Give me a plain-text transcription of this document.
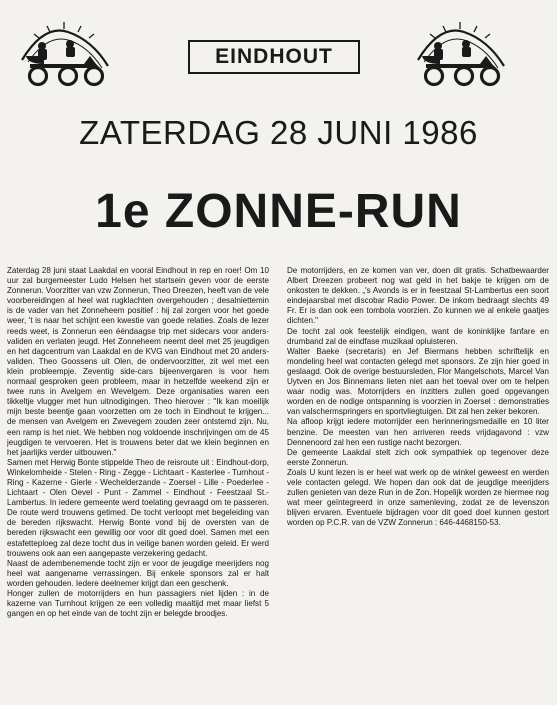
EINDHOUT
ZATERDAG 28 JUNI 1986
1e ZONNE-RUN

Zaterdag 28 juni staat Laakdal en vooral Eindhout in rep en roer! Om 10 uur zal burgemeester Ludo Helsen het startsein geven voor de eerste Zonnerun. Voorzitter van vzw Zonnerun, Theo Dreezen, heeft van de vele voorbereidingen al heel wat rugklachten overgehouden ; desalniettemin is de vader van het Zonneheem positief : hij zal zorgen voor het goede weer, 't is naar het schijnt een kwestie van goede relaties. Zoals de lezer reeds weet, is Zonnerun een ééndaagse trip met sidecars voor anders-validen en verlaten jeugd. Het Zonneheem neemt deel met 25 jeugdigen en het dagcentrum van Laakdal en de KVG van Eindhout met 20 anders-validen. Theo Goossens uit Olen, de ondervoorzitter, zit wel met een klein probleempje. Zeventig side-cars bijeenvergaren is voor hem normaal gesproken geen probleem, maar in hetzelfde weekend zijn er twee runs in Avelgem en Wevelgem. Deze organisaties waren een tikkeltje vlugger met hun uitnodigingen. Theo hierover : "Ik kan moeilijk mijn beste beentje gaan voorzetten om ze toch in Eindhout te krijgen... de mensen van Avelgem en Zwevegem zouden zeer ontstemd zijn. Nu, een ramp is het niet. We hebben nog voldoende inschrijvingen om de 45 jeugdigen te vervoeren. Het is trouwens beter dat we klein beginnen en het jaarlijks verder uitbouwen."

Samen met Herwig Bonte stippelde Theo de reisroute uit : Eindhout-dorp, Winkelomheide - Stelen - Ring - Zegge - Lichtaart - Kasterlee - Turnhout - Ring - Kazerne - Gierle - Wechelderzande - Zoersel - Lille - Poederlee - Lichtaart - Olen Oevel - Punt - Zammel - Eindhout - Feestzaal St.-Lambertus. In iedere gemeente werd toelating gevraagd om te passeren. De route werd trouwens getimed. De tocht verloopt met begeleiding van de bereden rijkswacht. Herwig Bonte vond bij de oversten van de bereden rijkswacht een gewillig oor voor dit goed doel. Samen met een estafetteploeg zal deze tocht dus in veilige banen worden geleid. Er werd trouwens ook aan een aangepaste verzekering gedacht.

Naast de adembenemende tocht zijn er voor de jeugdige meerijders nog heel wat aangename verrassingen. Bij enkele sponsors zal er halt worden gehouden. Iedere deelnemer krijgt dan een geschenk.

Honger zullen de motorrijders en hun passagiers niet lijden : in de kazerne van Turnhout krijgen ze een volledig maaltijd met maar liefst 5 gangen en op het einde van de tocht zijn er belegde broodjes.

De motorrijders, en ze komen van ver, doen dit gratis. Schatbewaarder Albert Dreezen probeert nog wat geld in het bakje te krijgen om de onkosten te dekken. „'s Avonds is er in feestzaal St-Lambertus een soort eindejaarsbal met discobar Radio Power. De inkom bedraagt slechts 49 Fr. Er is dan ook een tombola voorzien. Zo kunnen we al enkele gaatjes dichten."

De tocht zal ook feestelijk eindigen, want de koninklijke fanfare en drumband zal de eindfase muzikaal opluisteren.

Walter Baeke (secretaris) en Jef Biermans hebben schriftelijk en mondeling heel wat contacten gelegd met sponsors. Ze zijn hier goed in geslaagd. Ook de overige bestuursleden, Flor Mangelschots, Marcel Van Uytven en Jos Binnemans lieten niet aan het toeval over om te helpen waar nodig was. Motorrijders en inzitters zullen goed opgevangen worden en de nodige ontspanning is voorzien in Zoersel : demonstraties van valschermspringers en sportvliegtuigen. Dit zal hen zeker bekoren.

Na afloop krijgt iedere motorrijder een herinneringsmedaille en 10 liter benzine. De meesten van hen arriveren reeds vrijdagavond : vzw Dennenoord zal hen een rustige nacht bezorgen.

De gemeente Laakdal stelt zich ook sympathiek op tegenover deze eerste Zonnerun.

Zoals U kunt lezen is er heel wat werk op de winkel geweest en werden vele contacten gelegd. We hopen dan ook dat de jeugdige meerijders zullen genieten van deze Run in de Zon. Hopelijk worden ze hiermee nog wat meer geïntegreerd in onze samenleving, zodat ze de levenszon blijven ervaren. Eventuele bijdragen voor dit goed doel kunnen gestort worden op P.C.R. van de VZW Zonnerun : 646-4468150-53.
